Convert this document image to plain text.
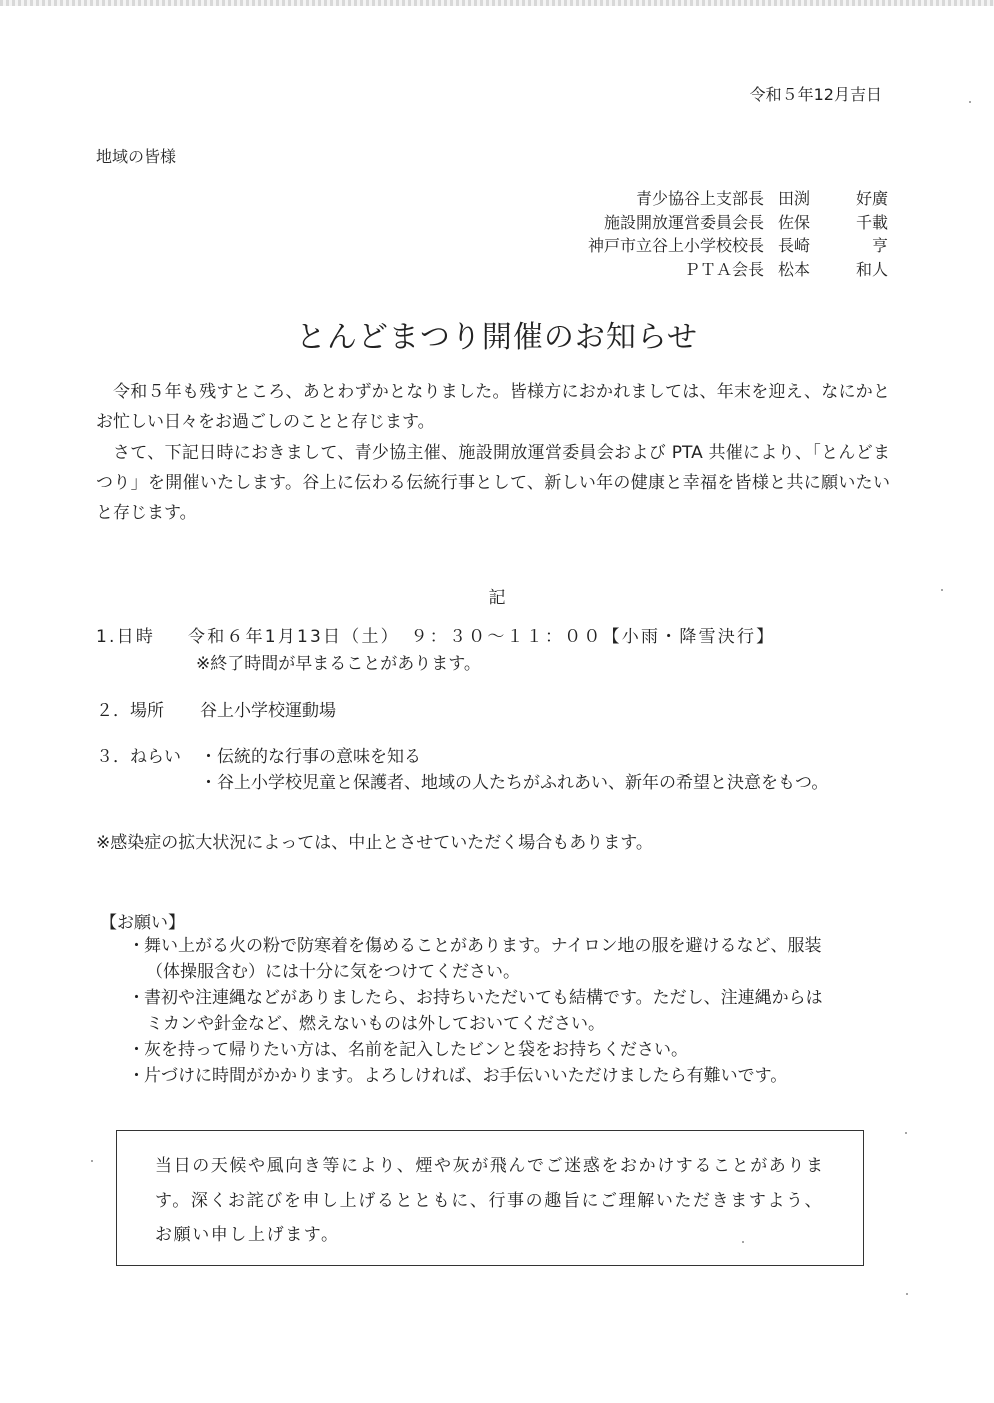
令和５年12月吉日
地域の皆様
青少協谷上支部長 田渕	好廣
施設開放運営委員会長 佐保	千載
神戸市立谷上小学校校長 長崎	亨
ＰＴＡ会長 松本	和人
とんどまつり開催のお知らせ

令和５年も残すところ、あとわずかとなりました。皆様方におかれましては、年末を迎え、なにかとお忙しい日々をお過ごしのことと存じます。

さて、下記日時におきまして、青少協主催、施設開放運営委員会および PTA 共催により、「とんどまつり」を開催いたします。谷上に伝わる伝統行事として、新しい年の健康と幸福を皆様と共に願いたいと存じます。

記
1.日時 令和６年1月13日（土）　９：３０〜１１：００【小雨・降雪決行】
※終了時間が早まることがあります。
２．場所 谷上小学校運動場
３．ねらい ・伝統的な行事の意味を知る
・谷上小学校児童と保護者、地域の人たちがふれあい、新年の希望と決意をもつ。
※感染症の拡大状況によっては、中止とさせていただく場合もあります。
【お願い】
・舞い上がる火の粉で防寒着を傷めることがあります。ナイロン地の服を避けるなど、服装
（体操服含む）には十分に気をつけてください。
・書初や注連縄などがありましたら、お持ちいただいても結構です。ただし、注連縄からは
ミカンや針金など、燃えないものは外しておいてください。
・灰を持って帰りたい方は、名前を記入したビンと袋をお持ちください。
・片づけに時間がかかります。よろしければ、お手伝いいただけましたら有難いです。
当日の天候や風向き等により、煙や灰が飛んでご迷惑をおかけすることがあります。深くお詫びを申し上げるとともに、行事の趣旨にご理解いただきますよう、お願い申し上げます。
